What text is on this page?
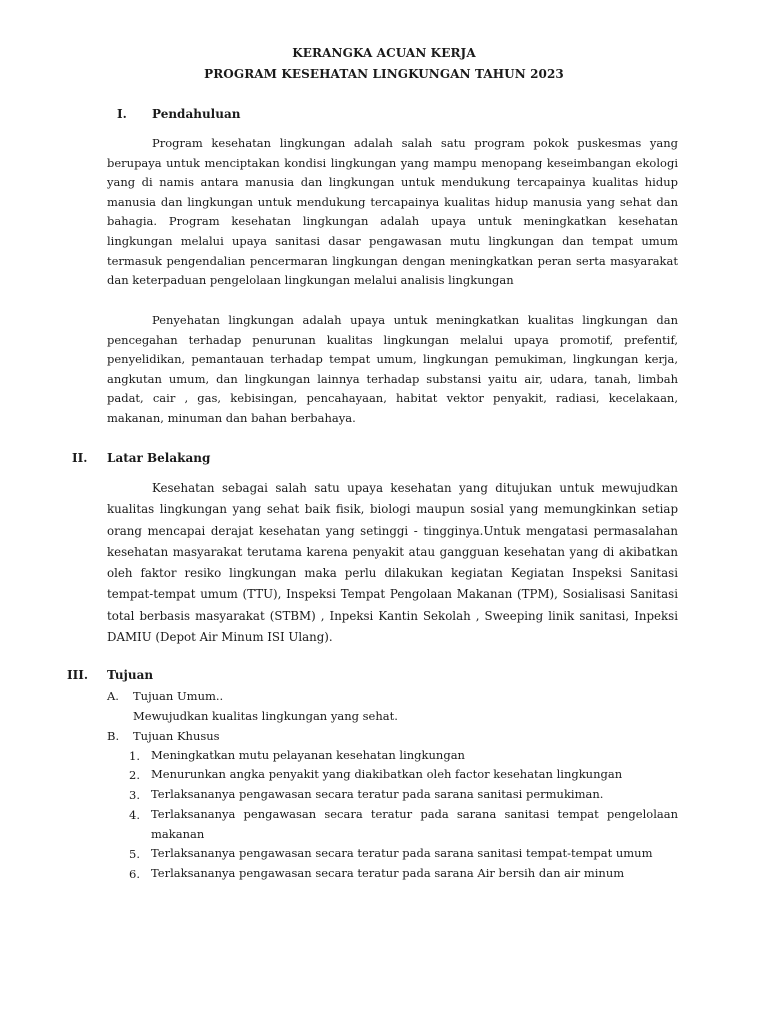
KERANGKA ACUAN KERJA
PROGRAM KESEHATAN LINGKUNGAN TAHUN 2023
I. Pendahuluan

Program kesehatan lingkungan adalah salah satu program pokok puskesmas yang berupaya untuk menciptakan kondisi lingkungan yang mampu menopang keseimbangan ekologi yang di namis antara manusia dan lingkungan untuk mendukung tercapainya kualitas hidup manusia dan lingkungan untuk mendukung tercapainya kualitas hidup manusia yang sehat dan bahagia. Program kesehatan lingkungan adalah upaya untuk meningkatkan kesehatan lingkungan melalui upaya sanitasi dasar pengawasan mutu lingkungan dan tempat umum termasuk pengendalian pencermaran lingkungan dengan meningkatkan peran serta masyarakat dan keterpaduan pengelolaan lingkungan melalui analisis lingkungan

Penyehatan lingkungan adalah upaya untuk meningkatkan kualitas lingkungan dan pencegahan terhadap penurunan kualitas lingkungan melalui upaya promotif, prefentif, penyelidikan, pemantauan terhadap tempat umum, lingkungan pemukiman, lingkungan kerja, angkutan umum, dan lingkungan lainnya terhadap substansi yaitu air, udara, tanah, limbah padat, cair , gas, kebisingan, pencahayaan, habitat vektor penyakit, radiasi, kecelakaan, makanan, minuman dan bahan berbahaya.

II. Latar Belakang

Kesehatan sebagai salah satu upaya kesehatan yang ditujukan untuk mewujudkan kualitas lingkungan yang sehat baik fisik, biologi maupun sosial yang memungkinkan setiap orang mencapai derajat kesehatan yang setinggi - tingginya.Untuk mengatasi permasalahan kesehatan masyarakat terutama karena penyakit atau gangguan kesehatan yang di akibatkan oleh faktor resiko lingkungan maka perlu dilakukan kegiatan Kegiatan Inspeksi Sanitasi tempat-tempat umum (TTU), Inspeksi Tempat Pengolaan Makanan (TPM), Sosialisasi Sanitasi total berbasis masyarakat (STBM) , Inpeksi Kantin Sekolah , Sweeping linik sanitasi, Inpeksi DAMIU (Depot Air Minum ISI Ulang).

III. Tujuan
A. Tujuan Umum..
Mewujudkan kualitas lingkungan yang sehat.
B. Tujuan Khusus
1. Meningkatkan mutu pelayanan kesehatan lingkungan

2. Menurunkan angka penyakit yang diakibatkan oleh factor kesehatan lingkungan

3. Terlaksananya pengawasan secara teratur pada sarana sanitasi permukiman.

4. Terlaksananya pengawasan secara teratur pada sarana sanitasi tempat pengelolaan makanan

5. Terlaksananya pengawasan secara teratur pada sarana sanitasi tempat-tempat umum

6. Terlaksananya pengawasan secara teratur pada sarana Air bersih dan air minum
